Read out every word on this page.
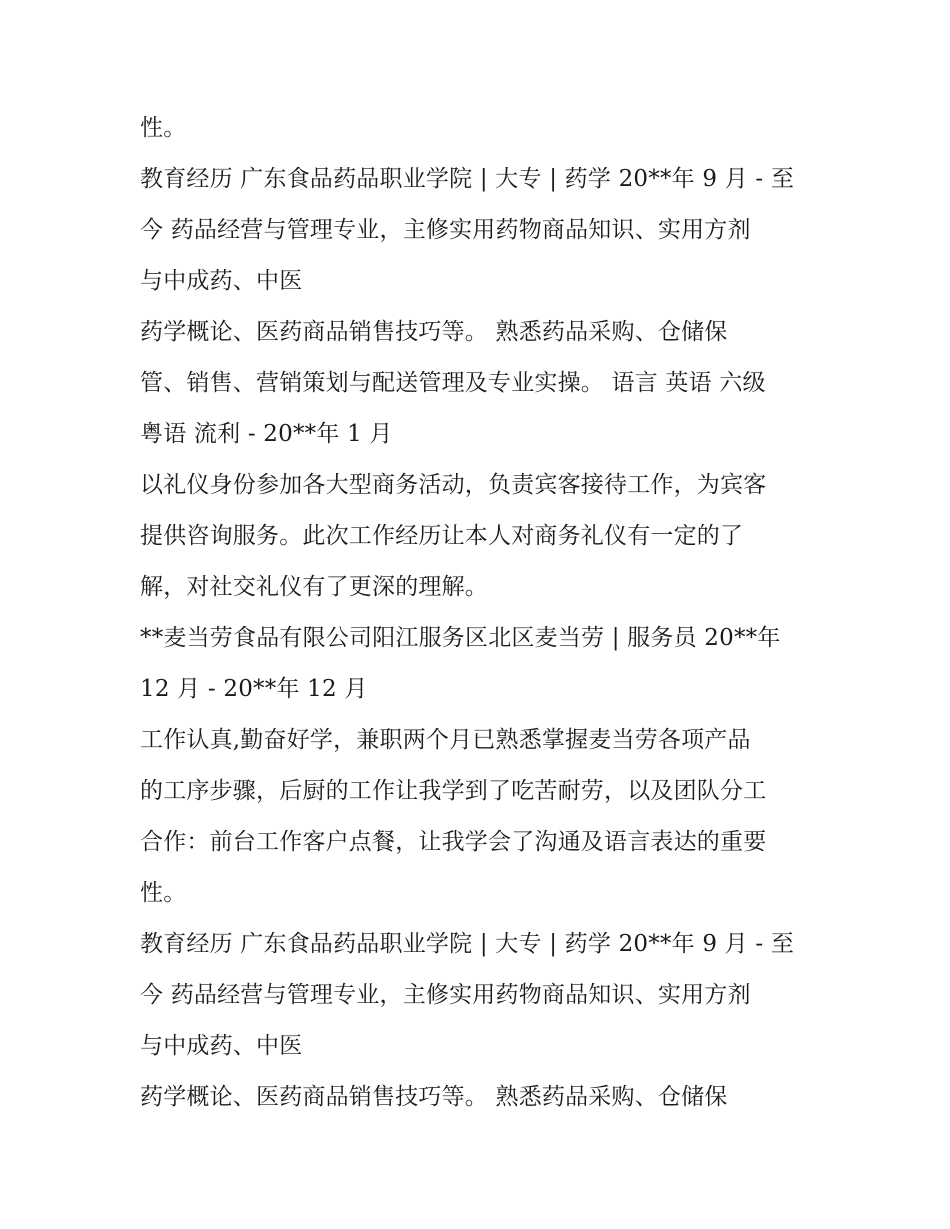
性。
教育经历 广东食品药品职业学院 | 大专 | 药学 20**年 9 月 - 至
今 药品经营与管理专业，主修实用药物商品知识、实用方剂
与中成药、中医
药学概论、医药商品销售技巧等。 熟悉药品采购、仓储保
管、销售、营销策划与配送管理及专业实操。 语言 英语 六级
粤语 流利 - 20**年 1 月
以礼仪身份参加各大型商务活动，负责宾客接待工作，为宾客
提供咨询服务。此次工作经历让本人对商务礼仪有一定的了
解，对社交礼仪有了更深的理解。
**麦当劳食品有限公司阳江服务区北区麦当劳 | 服务员 20**年
12 月 - 20**年 12 月
工作认真,勤奋好学，兼职两个月已熟悉掌握麦当劳各项产品
的工序步骤，后厨的工作让我学到了吃苦耐劳，以及团队分工
合作：前台工作客户点餐，让我学会了沟通及语言表达的重要
性。
教育经历 广东食品药品职业学院 | 大专 | 药学 20**年 9 月 - 至
今 药品经营与管理专业，主修实用药物商品知识、实用方剂
与中成药、中医
药学概论、医药商品销售技巧等。 熟悉药品采购、仓储保
